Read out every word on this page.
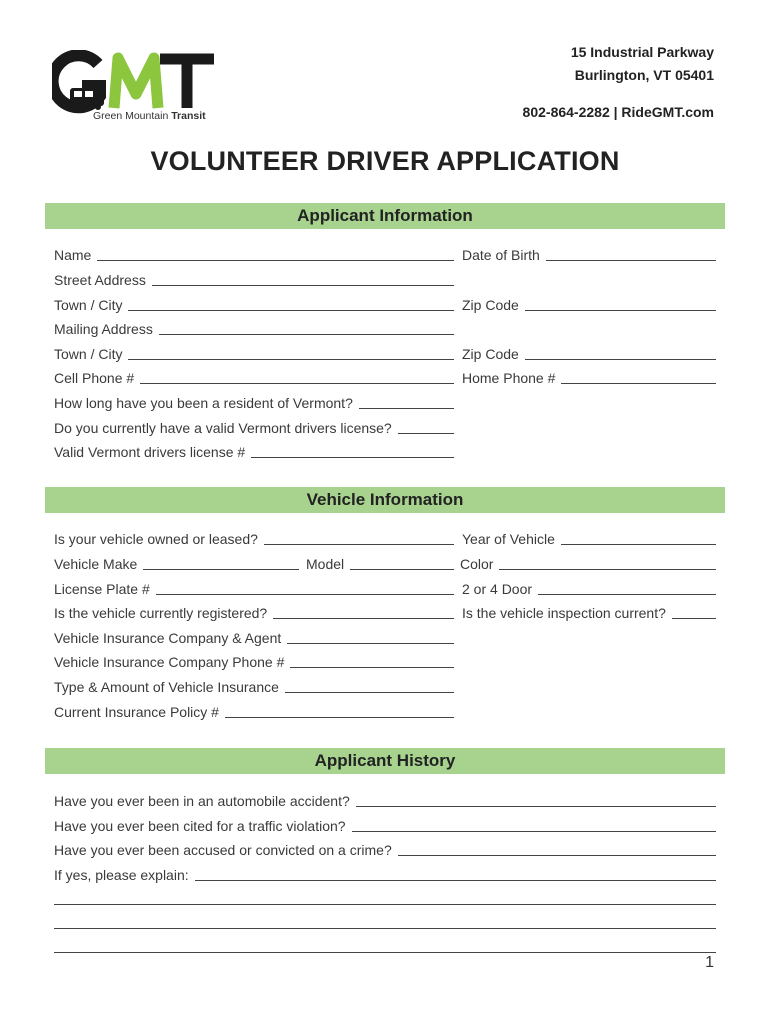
Green Mountain Transit
15 Industrial Parkway
Burlington, VT 05401
802-864-2282 | RideGMT.com
VOLUNTEER DRIVER APPLICATION
Applicant Information
Name	Date of Birth
Street Address
Town / City	Zip Code
Mailing Address
Town / City	Zip Code
Cell Phone #	Home Phone #
How long have you been a resident of Vermont?
Do you currently have a valid Vermont drivers license?
Valid Vermont drivers license #
Vehicle Information
Is your vehicle owned or leased?	Year of Vehicle
Vehicle Make	Model	Color
License Plate #	2 or 4 Door
Is the vehicle currently registered?	Is the vehicle inspection current?
Vehicle Insurance Company & Agent
Vehicle Insurance Company Phone #
Type & Amount of Vehicle Insurance
Current Insurance Policy #
Applicant History
Have you ever been in an automobile accident?
Have you ever been cited for a traffic violation?
Have you ever been accused or convicted on a crime?
If yes, please explain:
1
